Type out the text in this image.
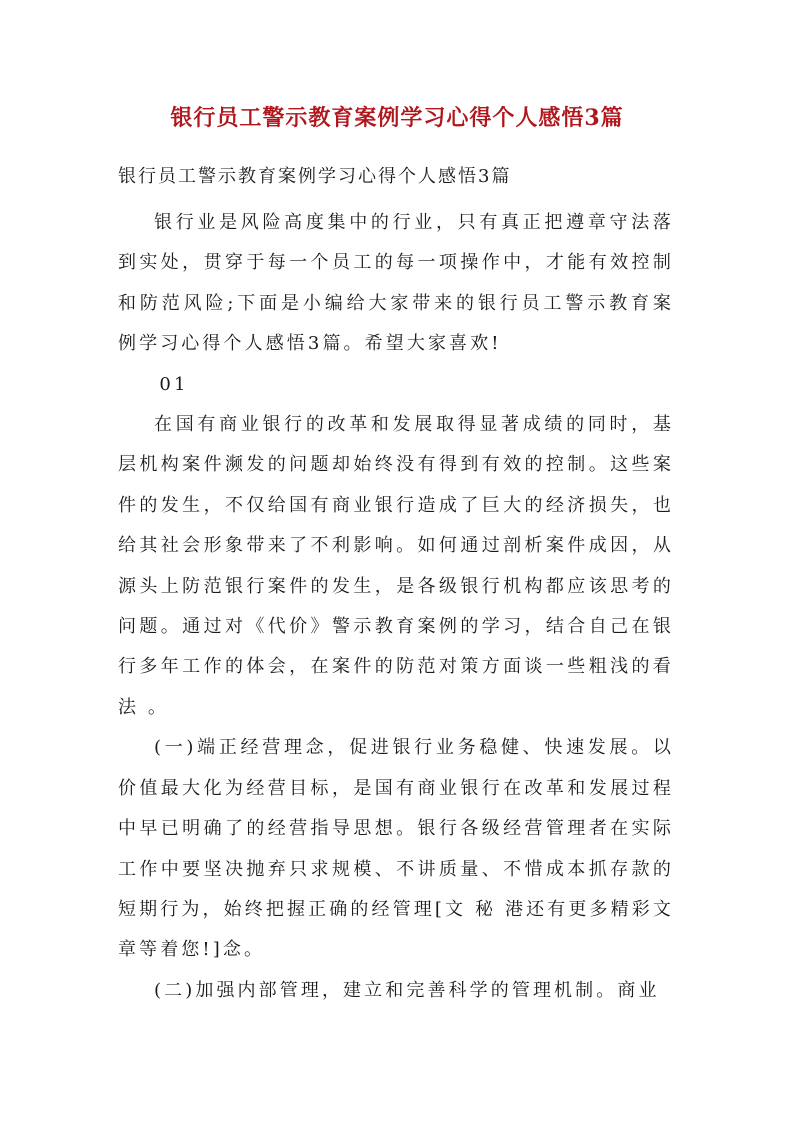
银行员工警示教育案例学习心得个人感悟3篇
银行员工警示教育案例学习心得个人感悟3篇

银行业是风险高度集中的行业，只有真正把遵章守法落到实处，贯穿于每一个员工的每一项操作中，才能有效控制和防范风险;下面是小编给大家带来的银行员工警示教育案例学习心得个人感悟3篇。希望大家喜欢!

01

在国有商业银行的改革和发展取得显著成绩的同时，基层机构案件濒发的问题却始终没有得到有效的控制。这些案件的发生，不仅给国有商业银行造成了巨大的经济损失，也给其社会形象带来了不利影响。如何通过剖析案件成因，从源头上防范银行案件的发生，是各级银行机构都应该思考的问题。通过对《代价》警示教育案例的学习，结合自己在银行多年工作的体会，在案件的防范对策方面谈一些粗浅的看法 。

(一)端正经营理念，促进银行业务稳健、快速发展。以价值最大化为经营目标，是国有商业银行在改革和发展过程中早已明确了的经营指导思想。银行各级经营管理者在实际工作中要坚决抛弃只求规模、不讲质量、不惜成本抓存款的短期行为，始终把握正确的经管理[文 秘 港还有更多精彩文章等着您!]念。

(二)加强内部管理，建立和完善科学的管理机制。商业
